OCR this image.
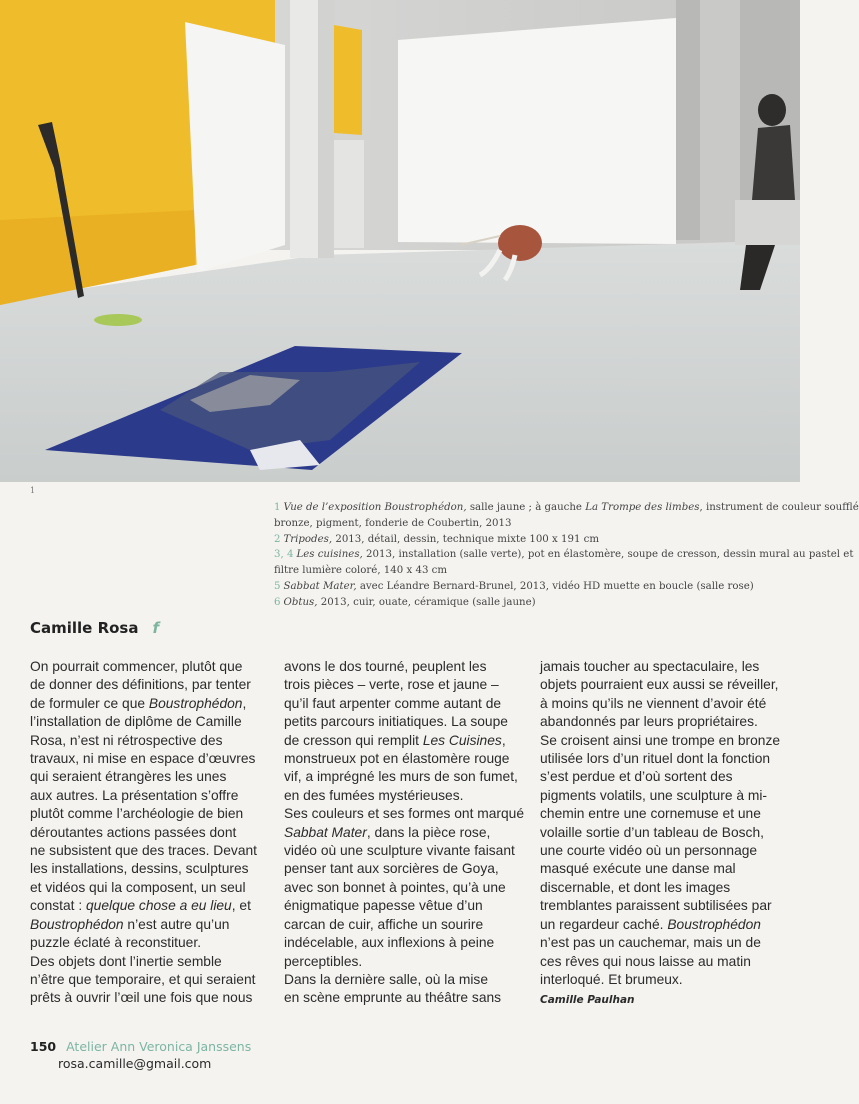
1
1 Vue de l’exposition Boustrophédon, salle jaune ; à gauche La Trompe des limbes, instrument de couleur soufflé
bronze, pigment, fonderie de Coubertin, 2013
2 Tripodes, 2013, détail, dessin, technique mixte 100 x 191 cm
3, 4 Les cuisines, 2013, installation (salle verte), pot en élastomère, soupe de cresson, dessin mural au pastel et
filtre lumière coloré, 140 x 43 cm
5 Sabbat Mater, avec Léandre Bernard-Brunel, 2013, vidéo HD muette en boucle (salle rose)
6 Obtus, 2013, cuir, ouate, céramique (salle jaune)
Camille Rosa f

On pourrait commencer, plutôt que

de donner des définitions, par tenter

de formuler ce que Boustrophédon,

l’installation de diplôme de Camille

Rosa, n’est ni rétrospective des

travaux, ni mise en espace d’œuvres

qui seraient étrangères les unes

aux autres. La présentation s’offre

plutôt comme l’archéologie de bien

déroutantes actions passées dont

ne subsistent que des traces. Devant

les installations, dessins, sculptures

et vidéos qui la composent, un seul

constat : quelque chose a eu lieu, et

Boustrophédon n’est autre qu’un

puzzle éclaté à reconstituer.

Des objets dont l’inertie semble

n’être que temporaire, et qui seraient

prêts à ouvrir l’œil une fois que nous

avons le dos tourné, peuplent les

trois pièces – verte, rose et jaune –

qu’il faut arpenter comme autant de

petits parcours initiatiques. La soupe

de cresson qui remplit Les Cuisines,

monstrueux pot en élastomère rouge

vif, a imprégné les murs de son fumet,

en des fumées mystérieuses.

Ses couleurs et ses formes ont marqué

Sabbat Mater, dans la pièce rose,

vidéo où une sculpture vivante faisant

penser tant aux sorcières de Goya,

avec son bonnet à pointes, qu’à une

énigmatique papesse vêtue d’un

carcan de cuir, affiche un sourire

indécelable, aux inflexions à peine

perceptibles.

Dans la dernière salle, où la mise

en scène emprunte au théâtre sans

jamais toucher au spectaculaire, les

objets pourraient eux aussi se réveiller,

à moins qu’ils ne viennent d’avoir été

abandonnés par leurs propriétaires.

Se croisent ainsi une trompe en bronze

utilisée lors d’un rituel dont la fonction

s’est perdue et d’où sortent des

pigments volatils, une sculpture à mi-

chemin entre une cornemuse et une

volaille sortie d’un tableau de Bosch,

une courte vidéo où un personnage

masqué exécute une danse mal

discernable, et dont les images

tremblantes paraissent subtilisées par

un regardeur caché. Boustrophédon

n’est pas un cauchemar, mais un de

ces rêves qui nous laisse au matin

interloqué. Et brumeux.

Camille Paulhan

150 Atelier Ann Veronica Janssens
rosa.camille@gmail.com
